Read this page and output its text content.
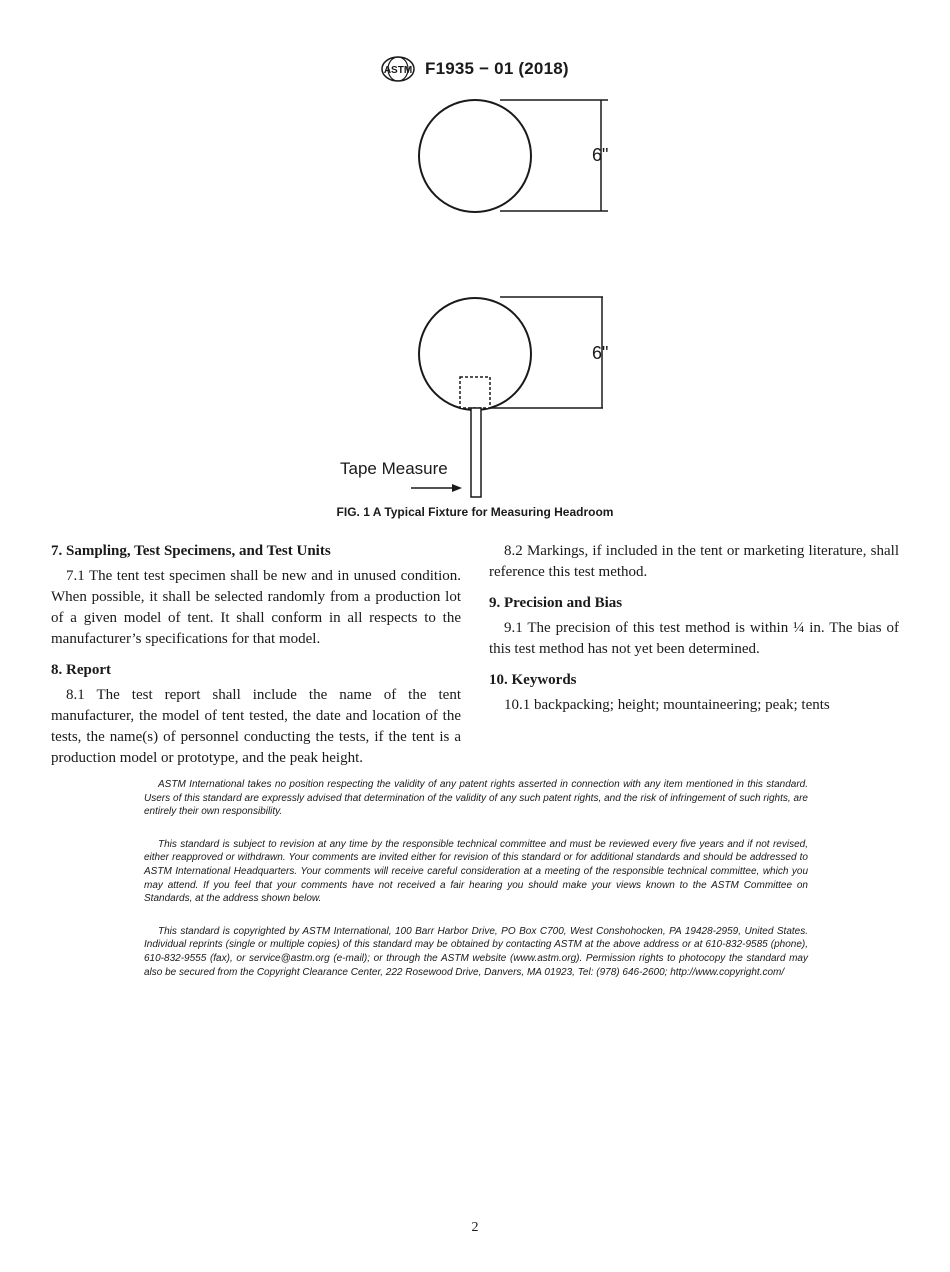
ASTM F1935 − 01 (2018)
6"
6"
Tape Measure
FIG. 1 A Typical Fixture for Measuring Headroom

7. Sampling, Test Specimens, and Test Units

7.1 The tent test specimen shall be new and in unused condition. When possible, it shall be selected randomly from a production lot of a given model of tent. It shall conform in all respects to the manufacturer’s specifications for that model.

8. Report

8.1 The test report shall include the name of the tent manufacturer, the model of tent tested, the date and location of the tests, the name(s) of personnel conducting the tests, if the tent is a production model or prototype, and the peak height.

8.2 Markings, if included in the tent or marketing literature, shall reference this test method.

9. Precision and Bias

9.1 The precision of this test method is within ¼ in. The bias of this test method has not yet been determined.

10. Keywords

10.1 backpacking; height; mountaineering; peak; tents

ASTM International takes no position respecting the validity of any patent rights asserted in connection with any item mentioned in this standard. Users of this standard are expressly advised that determination of the validity of any such patent rights, and the risk of infringement of such rights, are entirely their own responsibility.

This standard is subject to revision at any time by the responsible technical committee and must be reviewed every five years and if not revised, either reapproved or withdrawn. Your comments are invited either for revision of this standard or for additional standards and should be addressed to ASTM International Headquarters. Your comments will receive careful consideration at a meeting of the responsible technical committee, which you may attend. If you feel that your comments have not received a fair hearing you should make your views known to the ASTM Committee on Standards, at the address shown below.

This standard is copyrighted by ASTM International, 100 Barr Harbor Drive, PO Box C700, West Conshohocken, PA 19428-2959, United States. Individual reprints (single or multiple copies) of this standard may be obtained by contacting ASTM at the above address or at 610-832-9585 (phone), 610-832-9555 (fax), or service@astm.org (e-mail); or through the ASTM website (www.astm.org). Permission rights to photocopy the standard may also be secured from the Copyright Clearance Center, 222 Rosewood Drive, Danvers, MA 01923, Tel: (978) 646-2600; http://www.copyright.com/

2
